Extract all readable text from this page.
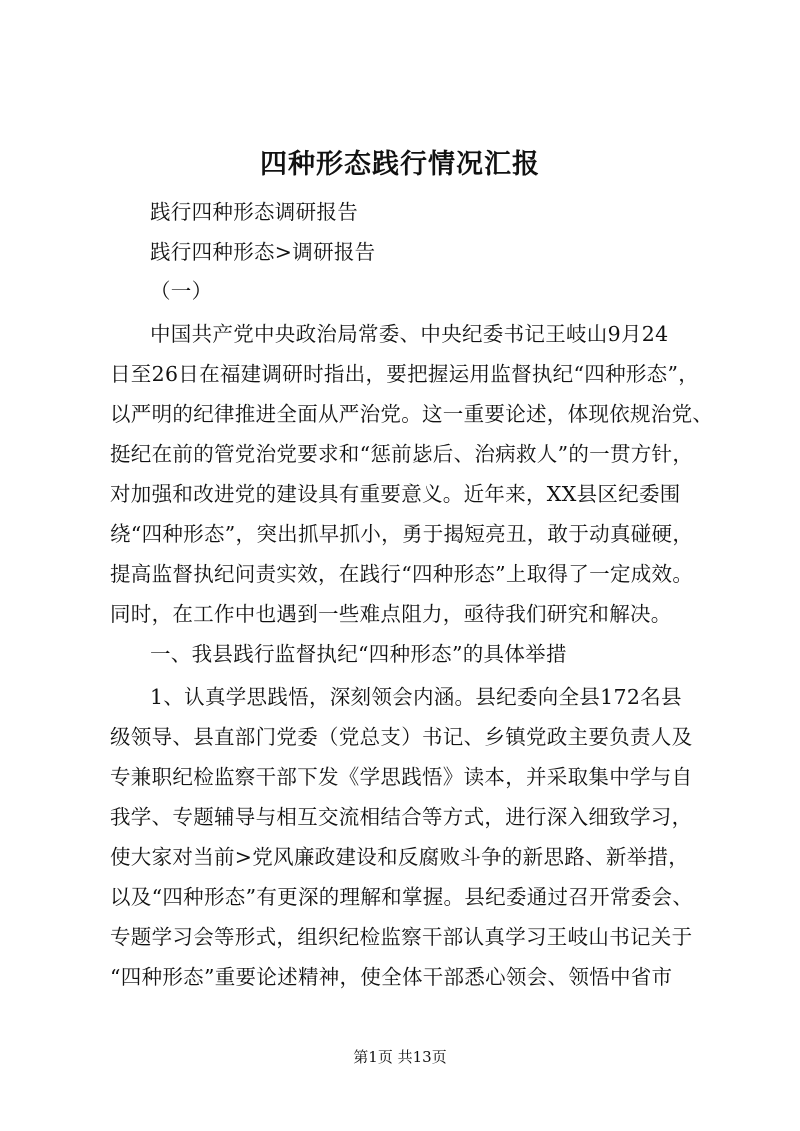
四种形态践行情况汇报
践行四种形态调研报告
践行四种形态>调研报告
（一）
中国共产党中央政治局常委、中央纪委书记王岐山9月24
日至26日在福建调研时指出，要把握运用监督执纪“四种形态”，
以严明的纪律推进全面从严治党。这一重要论述，体现依规治党、
挺纪在前的管党治党要求和“惩前毖后、治病救人”的一贯方针，
对加强和改进党的建设具有重要意义。近年来，XX县区纪委围
绕“四种形态”，突出抓早抓小，勇于揭短亮丑，敢于动真碰硬，
提高监督执纪问责实效，在践行“四种形态”上取得了一定成效。
同时，在工作中也遇到一些难点阻力，亟待我们研究和解决。
一、我县践行监督执纪“四种形态”的具体举措
1、认真学思践悟，深刻领会内涵。县纪委向全县172名县
级领导、县直部门党委（党总支）书记、乡镇党政主要负责人及
专兼职纪检监察干部下发《学思践悟》读本，并采取集中学与自
我学、专题辅导与相互交流相结合等方式，进行深入细致学习，
使大家对当前>党风廉政建设和反腐败斗争的新思路、新举措，
以及“四种形态”有更深的理解和掌握。县纪委通过召开常委会、
专题学习会等形式，组织纪检监察干部认真学习王岐山书记关于
“四种形态”重要论述精神，使全体干部悉心领会、领悟中省市
第1页 共13页
